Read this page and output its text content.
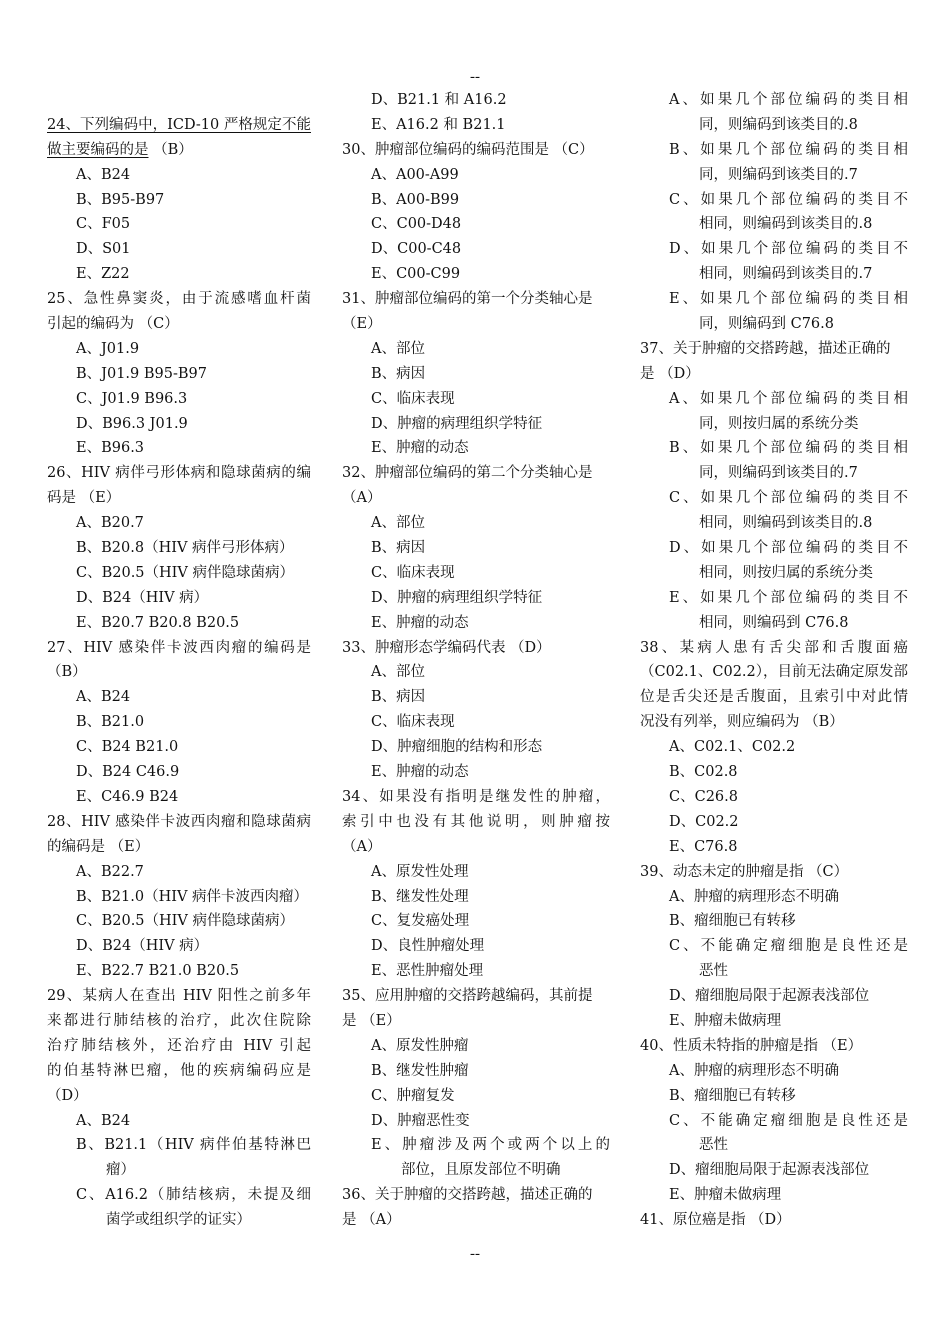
--
24、下列编码中，ICD-10 严格规定不能
做主要编码的是 （B）
A、B24
B、B95-B97
C、F05
D、S01
E、Z22
25、急性鼻窦炎，由于流感嗜血杆菌
引起的编码为 （C）
A、J01.9
B、J01.9 B95-B97
C、J01.9 B96.3
D、B96.3 J01.9
E、B96.3
26、HIV 病伴弓形体病和隐球菌病的编
码是 （E）
A、B20.7
B、B20.8（HIV 病伴弓形体病）
C、B20.5（HIV 病伴隐球菌病）
D、B24（HIV 病）
E、B20.7 B20.8 B20.5
27、HIV 感染伴卡波西肉瘤的编码是
（B）
A、B24
B、B21.0
C、B24 B21.0
D、B24 C46.9
E、C46.9 B24
28、HIV 感染伴卡波西肉瘤和隐球菌病
的编码是 （E）
A、B22.7
B、B21.0（HIV 病伴卡波西肉瘤）
C、B20.5（HIV 病伴隐球菌病）
D、B24（HIV 病）
E、B22.7 B21.0 B20.5
29、某病人在查出 HIV 阳性之前多年
来都进行肺结核的治疗，此次住院除
治疗肺结核外，还治疗由 HIV 引起
的伯基特淋巴瘤，他的疾病编码应是
（D）
A、B24
B、B21.1（HIV 病伴伯基特淋巴
瘤）
C、A16.2（肺结核病，未提及细
菌学或组织学的证实）
D、B21.1 和 A16.2
E、A16.2 和 B21.1
30、肿瘤部位编码的编码范围是 （C）
A、A00-A99
B、A00-B99
C、C00-D48
D、C00-C48
E、C00-C99
31、肿瘤部位编码的第一个分类轴心是
（E）
A、部位
B、病因
C、临床表现
D、肿瘤的病理组织学特征
E、肿瘤的动态
32、肿瘤部位编码的第二个分类轴心是
（A）
A、部位
B、病因
C、临床表现
D、肿瘤的病理组织学特征
E、肿瘤的动态
33、肿瘤形态学编码代表 （D）
A、部位
B、病因
C、临床表现
D、肿瘤细胞的结构和形态
E、肿瘤的动态
34、如果没有指明是继发性的肿瘤，
索引中也没有其他说明，则肿瘤按
（A）
A、原发性处理
B、继发性处理
C、复发癌处理
D、良性肿瘤处理
E、恶性肿瘤处理
35、应用肿瘤的交搭跨越编码，其前提
是 （E）
A、原发性肿瘤
B、继发性肿瘤
C、肿瘤复发
D、肿瘤恶性变
E、肿瘤涉及两个或两个以上的
部位，且原发部位不明确
36、关于肿瘤的交搭跨越，描述正确的
是 （A）
A、如果几个部位编码的类目相
同，则编码到该类目的.8
B、如果几个部位编码的类目相
同，则编码到该类目的.7
C、如果几个部位编码的类目不
相同，则编码到该类目的.8
D、如果几个部位编码的类目不
相同，则编码到该类目的.7
E、如果几个部位编码的类目相
同，则编码到 C76.8
37、关于肿瘤的交搭跨越，描述正确的
是 （D）
A、如果几个部位编码的类目相
同，则按归属的系统分类
B、如果几个部位编码的类目相
同，则编码到该类目的.7
C、如果几个部位编码的类目不
相同，则编码到该类目的.8
D、如果几个部位编码的类目不
相同，则按归属的系统分类
E、如果几个部位编码的类目不
相同，则编码到 C76.8
38、某病人患有舌尖部和舌腹面癌
（C02.1、C02.2），目前无法确定原发部
位是舌尖还是舌腹面，且索引中对此情
况没有列举，则应编码为 （B）
A、C02.1、C02.2
B、C02.8
C、C26.8
D、C02.2
E、C76.8
39、动态未定的肿瘤是指 （C）
A、肿瘤的病理形态不明确
B、瘤细胞已有转移
C、不能确定瘤细胞是良性还是
恶性
D、瘤细胞局限于起源表浅部位
E、肿瘤未做病理
40、性质未特指的肿瘤是指 （E）
A、肿瘤的病理形态不明确
B、瘤细胞已有转移
C、不能确定瘤细胞是良性还是
恶性
D、瘤细胞局限于起源表浅部位
E、肿瘤未做病理
41、原位癌是指 （D）
--
